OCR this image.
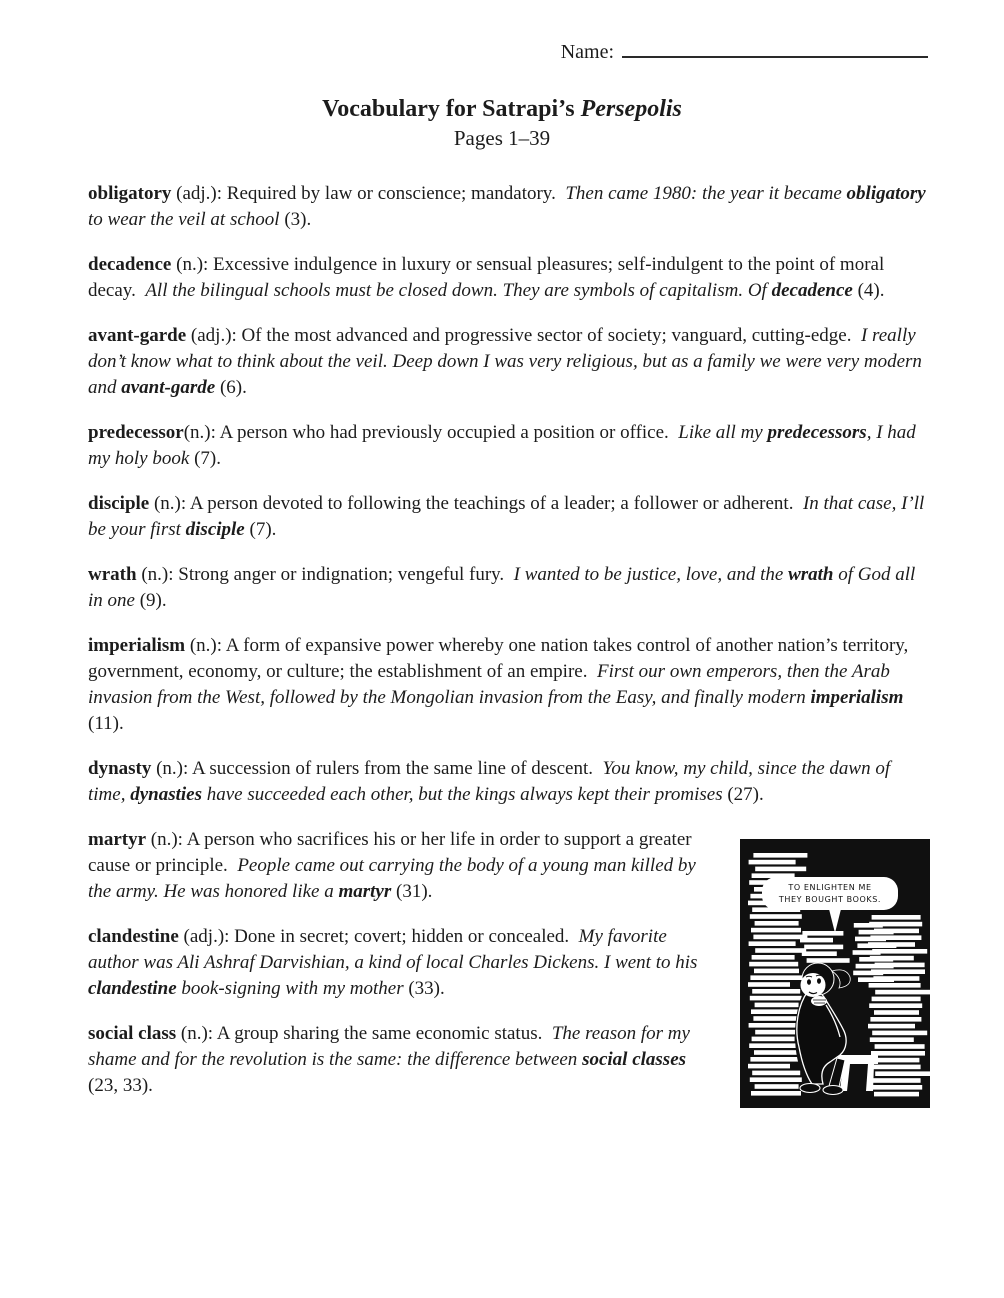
Name:
Vocabulary for Satrapi’s Persepolis
Pages 1–39

obligatory (adj.): Required by law or conscience; mandatory.  Then came 1980: the year it became obligatory to wear the veil at school (3).

decadence (n.): Excessive indulgence in luxury or sensual pleasures; self-indulgent to the point of moral decay.  All the bilingual schools must be closed down. They are symbols of capitalism. Of decadence (4).

avant-garde (adj.): Of the most advanced and progressive sector of society; vanguard, cutting-edge.  I really don’t know what to think about the veil. Deep down I was very religious, but as a family we were very modern and avant-garde (6).

predecessor(n.): A person who had previously occupied a position or office.  Like all my predecessors, I had my holy book (7).

disciple (n.): A person devoted to following the teachings of a leader; a follower or adherent.  In that case, I’ll be your first disciple (7).

wrath (n.): Strong anger or indignation; vengeful fury.  I wanted to be justice, love, and the wrath of God all in one (9).

imperialism (n.): A form of expansive power whereby one nation takes control of another nation’s territory, government, economy, or culture; the establishment of an empire.  First our own emperors, then the Arab invasion from the West, followed by the Mongolian invasion from the Easy, and finally modern imperialism (11).

dynasty (n.): A succession of rulers from the same line of descent.  You know, my child, since the dawn of time, dynasties have succeeded each other, but the kings always kept their promises (27).

TO ENLIGHTEN ME
THEY BOUGHT BOOKS.

martyr (n.): A person who sacrifices his or her life in order to support a greater cause or principle.  People came out carrying the body of a young man killed by the army. He was honored like a martyr (31).

clandestine (adj.): Done in secret; covert; hidden or concealed.  My favorite author was Ali Ashraf Darvishian, a kind of local Charles Dickens. I went to his clandestine book-signing with my mother (33).

social class (n.): A group sharing the same economic status.  The reason for my shame and for the revolution is the same: the difference between social classes (23, 33).
